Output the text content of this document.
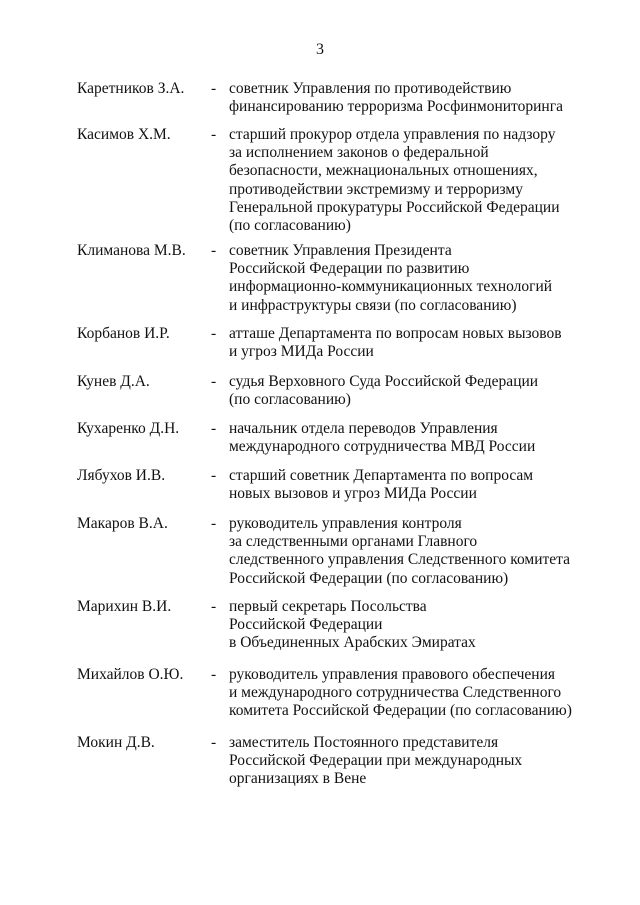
3
Каретников З.А. - советник Управления по противодействию
финансированию терроризма Росфинмониторинга
Касимов Х.М.	- старший прокурор отдела управления по надзору
за исполнением законов о федеральной
безопасности, межнациональных отношениях,
противодействии экстремизму и терроризму
Генеральной прокуратуры Российской Федерации
(по согласованию)
Климанова М.В. - советник Управления Президента
Российской Федерации по развитию
информационно-коммуникационных технологий
и инфраструктуры связи (по согласованию)
Корбанов И.Р.	- атташе Департамента по вопросам новых вызовов
и угроз МИДа России
Кунев Д.А.	- судья Верховного Суда Российской Федерации
(по согласованию)
Кухаренко Д.Н. - начальник отдела переводов Управления
международного сотрудничества МВД России
Лябухов И.В.	- старший советник Департамента по вопросам
новых вызовов и угроз МИДа России
Макаров В.А.	- руководитель управления контроля
за следственными органами Главного
следственного управления Следственного комитета
Российской Федерации (по согласованию)
Марихин В.И.	- первый секретарь Посольства
Российской Федерации
в Объединенных Арабских Эмиратах
Михайлов О.Ю. - руководитель управления правового обеспечения
и международного сотрудничества Следственного
комитета Российской Федерации (по согласованию)
Мокин Д.В.	- заместитель Постоянного представителя
Российской Федерации при международных
организациях в Вене
